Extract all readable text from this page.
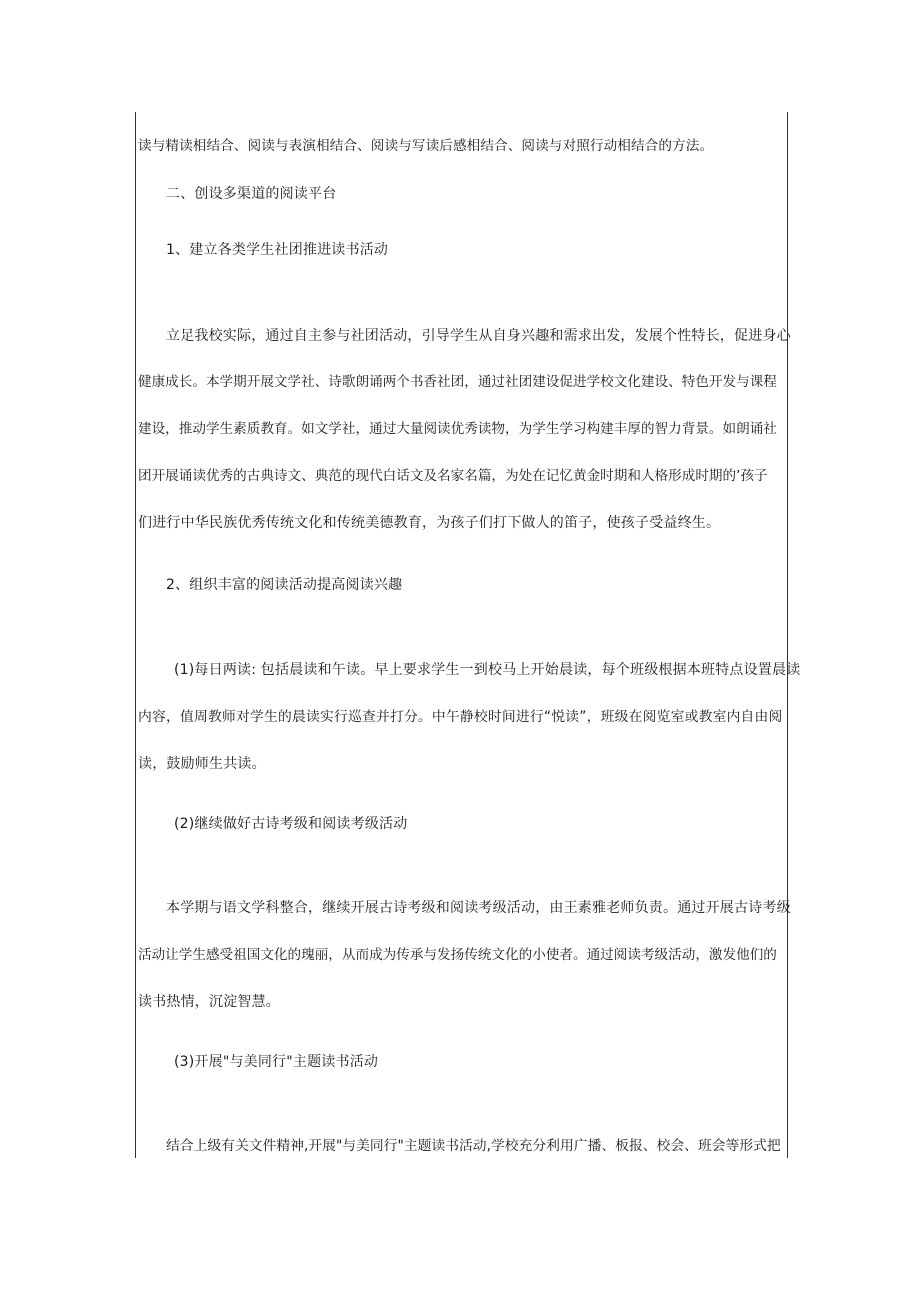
读与精读相结合、阅读与表演相结合、阅读与写读后感相结合、阅读与对照行动相结合的方法。
二、创设多渠道的阅读平台
1、建立各类学生社团推进读书活动
立足我校实际，通过自主参与社团活动，引导学生从自身兴趣和需求出发，发展个性特长，促进身心
健康成长。本学期开展文学社、诗歌朗诵两个书香社团，通过社团建设促进学校文化建设、特色开发与课程
建设，推动学生素质教育。如文学社，通过大量阅读优秀读物，为学生学习构建丰厚的智力背景。如朗诵社
团开展诵读优秀的古典诗文、典范的现代白话文及名家名篇，为处在记忆黄金时期和人格形成时期的’孩子
们进行中华民族优秀传统文化和传统美德教育，为孩子们打下做人的笛子，使孩子受益终生。
2、组织丰富的阅读活动提高阅读兴趣
(1)每日两读: 包括晨读和午读。早上要求学生一到校马上开始晨读，每个班级根据本班特点设置晨读
内容，值周教师对学生的晨读实行巡查并打分。中午静校时间进行“悦读”，班级在阅览室或教室内自由阅
读，鼓励师生共读。
(2)继续做好古诗考级和阅读考级活动
本学期与语文学科整合，继续开展古诗考级和阅读考级活动，由王素雅老师负责。通过开展古诗考级
活动让学生感受祖国文化的瑰丽，从而成为传承与发扬传统文化的小使者。通过阅读考级活动，激发他们的
读书热情，沉淀智慧。
(3)开展"与美同行"主题读书活动
结合上级有关文件精神,开展"与美同行"主题读书活动,学校充分利用广播、板报、校会、班会等形式把
